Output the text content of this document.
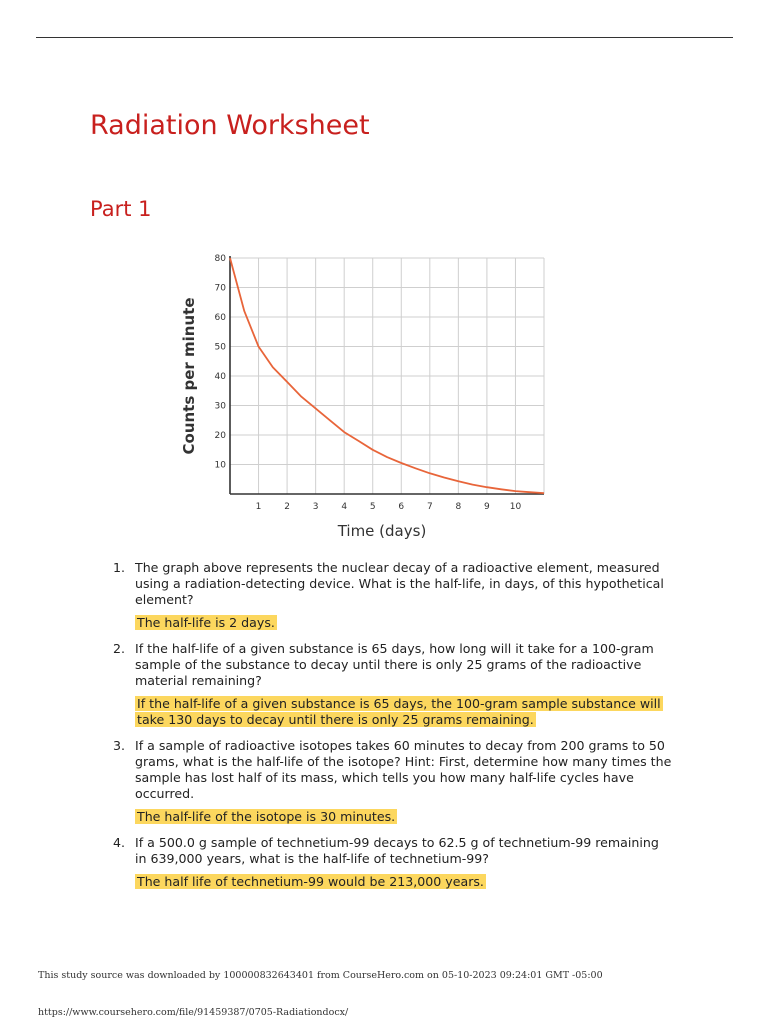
Radiation Worksheet
Part 1
10
20
30
40
50
60
70
80
1	2	3	4	5	6	7	8	9 10
Time (days)
Counts per minute
1. The graph above represents the nuclear decay of a radioactive element, measured using a radiation-detecting device. What is the half-life, in days, of this hypothetical element?

The half-life is 2 days.

2. If the half-life of a given substance is 65 days, how long will it take for a 100-gram sample of the substance to decay until there is only 25 grams of the radioactive material remaining?

If the half-life of a given substance is 65 days, the 100-gram sample substance will take 130 days to decay until there is only 25 grams remaining.

3. If a sample of radioactive isotopes takes 60 minutes to decay from 200 grams to 50 grams, what is the half-life of the isotope? Hint: First, determine how many times the sample has lost half of its mass, which tells you how many half-life cycles have occurred.

The half-life of the isotope is 30 minutes.

4. If a 500.0 g sample of technetium-99 decays to 62.5 g of technetium-99 remaining in 639,000 years, what is the half-life of technetium-99?

The half life of technetium-99 would be 213,000 years.

This study source was downloaded by 100000832643401 from CourseHero.com on 05-10-2023 09:24:01 GMT -05:00
https://www.coursehero.com/file/91459387/0705-Radiationdocx/
